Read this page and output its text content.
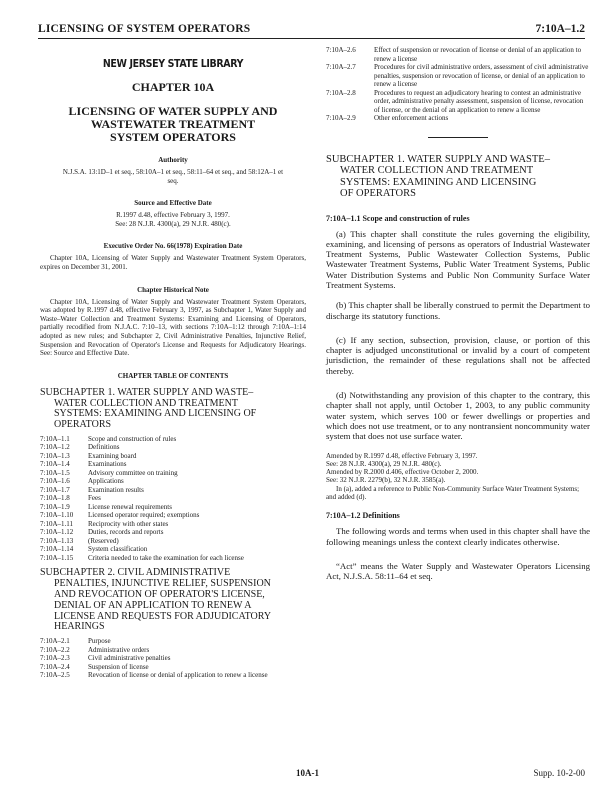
LICENSING OF SYSTEM OPERATORS	7:10A–1.2
NEW JERSEY STATE LIBRARY
CHAPTER 10A
LICENSING OF WATER SUPPLY AND
WASTEWATER TREATMENT
SYSTEM OPERATORS
Authority
N.J.S.A. 13:1D–1 et seq., 58:10A–1 et seq., 58:11–64 et seq., and 58:12A–1 et seq.
Source and Effective Date
R.1997 d.48, effective February 3, 1997.
See: 28 N.J.R. 4300(a), 29 N.J.R. 480(c).
Executive Order No. 66(1978) Expiration Date
Chapter 10A, Licensing of Water Supply and Wastewater Treatment System Operators, expires on December 31, 2001.
Chapter Historical Note
Chapter 10A, Licensing of Water Supply and Wastewater Treatment System Operators, was adopted by R.1997 d.48, effective February 3, 1997, as Subchapter 1, Water Supply and Waste–Water Collection and Treatment Systems: Examining and Licensing of Operators, partially recodified from N.J.A.C. 7:10–13, with sections 7:10A–1:12 through 7:10A–1:14 adopted as new rules; and Subchapter 2, Civil Administrative Penalties, Injunctive Relief, Suspension and Revocation of Operator's License and Requests for Adjudicatory Hearings. See: Source and Effective Date.
CHAPTER TABLE OF CONTENTS
SUBCHAPTER 1. WATER SUPPLY AND WASTE–
WATER COLLECTION AND TREATMENT
SYSTEMS: EXAMINING AND LICENSING OF
OPERATORS
7:10A–1.1	Scope and construction of rules
7:10A–1.2	Definitions
7:10A–1.3	Examining board
7:10A–1.4	Examinations
7:10A–1.5	Advisory committee on training
7:10A–1.6	Applications
7:10A–1.7	Examination results
7:10A–1.8	Fees
7:10A–1.9	License renewal requirements
7:10A–1.10	Licensed operator required; exemptions
7:10A–1.11	Reciprocity with other states
7:10A–1.12	Duties, records and reports
7:10A–1.13	(Reserved)
7:10A–1.14	System classification
7:10A–1.15	Criteria needed to take the examination for each license
SUBCHAPTER 2. CIVIL ADMINISTRATIVE
PENALTIES, INJUNCTIVE RELIEF, SUSPENSION
AND REVOCATION OF OPERATOR'S LICENSE,
DENIAL OF AN APPLICATION TO RENEW A
LICENSE AND REQUESTS FOR ADJUDICATORY
HEARINGS
7:10A–2.1	Purpose
7:10A–2.2	Administrative orders
7:10A–2.3	Civil administrative penalties
7:10A–2.4	Suspension of license
7:10A–2.5	Revocation of license or denial of application to renew a license
7:10A–2.6	Effect of suspension or revocation of license or denial of an application to renew a license
7:10A–2.7	Procedures for civil administrative orders, assessment of civil administrative penalties, suspension or revocation of license, or denial of an application to renew a license
7:10A–2.8	Procedures to request an adjudicatory hearing to contest an administrative order, administrative penalty assessment, suspension of license, revocation of license, or the denial of an application to renew a license
7:10A–2.9	Other enforcement actions
SUBCHAPTER 1. WATER SUPPLY AND WASTE–
WATER COLLECTION AND TREATMENT
SYSTEMS: EXAMINING AND LICENSING
OF OPERATORS
7:10A–1.1 Scope and construction of rules
(a) This chapter shall constitute the rules governing the eligibility, examining, and licensing of persons as operators of Industrial Wastewater Treatment Systems, Public Wastewater Collection Systems, Public Wastewater Treatment Systems, Public Water Treatment Systems, Public Water Distribution Systems and Public Non Community Surface Water Treatment Systems.
(b) This chapter shall be liberally construed to permit the Department to discharge its statutory functions.
(c) If any section, subsection, provision, clause, or portion of this chapter is adjudged unconstitutional or invalid by a court of competent jurisdiction, the remainder of these regulations shall not be affected thereby.
(d) Notwithstanding any provision of this chapter to the contrary, this chapter shall not apply, until October 1, 2003, to any public community water system, which serves 100 or fewer dwellings or properties and which does not use treatment, or to any nontransient noncommunity water system that does not use surface water.
Amended by R.1997 d.48, effective February 3, 1997.
See: 28 N.J.R. 4300(a), 29 N.J.R. 480(c).
Amended by R.2000 d.406, effective October 2, 2000.
See: 32 N.J.R. 2279(b), 32 N.J.R. 3585(a).
In (a), added a reference to Public Non-Community Surface Water Treatment Systems; and added (d).
7:10A–1.2 Definitions
The following words and terms when used in this chapter shall have the following meanings unless the context clearly indicates otherwise.
“Act” means the Water Supply and Wastewater Operators Licensing Act, N.J.S.A. 58:11–64 et seq.
10A-1	Supp. 10-2-00
